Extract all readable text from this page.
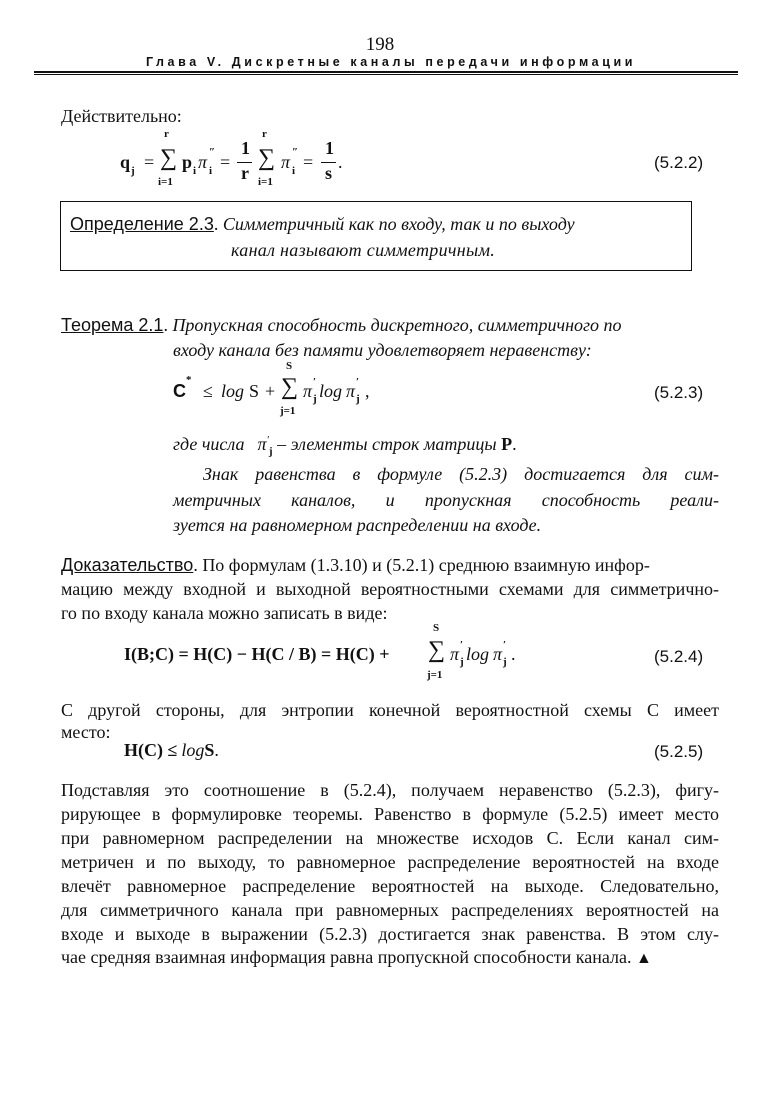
198
Глава V. Дискретные каналы передачи информации
Действительно:
q j =
r
∑
i=1
p i π ″
i =
1
r
r
∑
i=1
π ″
i =
1
s
.	(5.2.2)
Определение 2.3. Симметричный как по входу, так и по выходу
канал называют симметричным.
Теорема 2.1. Пропускная способность дискретного, симметричного по
входу канала без памяти удовлетворяет неравенству:
C
*
≤ log S +
S
∑
j=1
π ′
j log π ′
j ,	(5.2.3)
где числа $\pi'_j$ – элементы строк матрицы P.
Знак равенства в формуле (5.2.3) достигается для сим-
метричных каналов, и пропускная способность реали-
зуется на равномерном распределении на входе.
Доказательство. По формулам (1.3.10) и (5.2.1) среднюю взаимную инфор-
мацию между входной и выходной вероятностными схемами для симметрично-
го по входу канала можно записать в виде:
I(B;C) = H(C) − H(C / B) = H(C) +
S
∑
j=1
π ′
j log π ′
j .	(5.2.4)
С другой стороны, для энтропии конечной вероятностной схемы C имеет
место:
H(C) ≤ logS.	(5.2.5)
Подставляя это соотношение в (5.2.4), получаем неравенство (5.2.3), фигу-
рирующее в формулировке теоремы. Равенство в формуле (5.2.5) имеет место
при равномерном распределении на множестве исходов C. Если канал сим-
метричен и по выходу, то равномерное распределение вероятностей на входе
влечёт равномерное распределение вероятностей на выходе. Следовательно,
для симметричного канала при равномерных распределениях вероятностей на
входе и выходе в выражении (5.2.3) достигается знак равенства. В этом слу-
чае средняя взаимная информация равна пропускной способности канала. ▲
